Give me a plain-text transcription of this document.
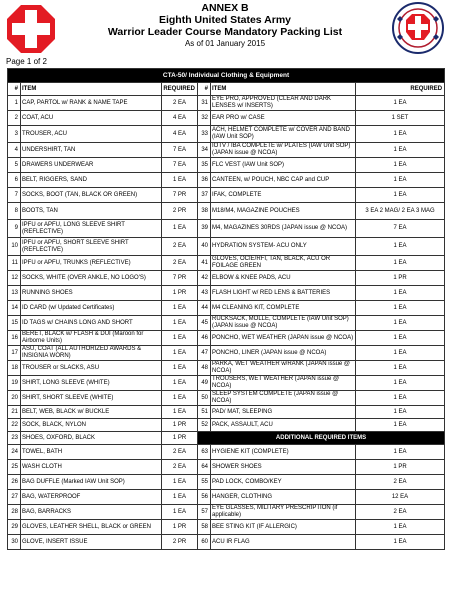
ANNEX B
Eighth United States Army
Warrior Leader Course Mandatory Packing List
As of 01 January 2015
Page 1 of 2
CTA-50/ Individual Clothing & Equipment					
#	ITEM	REQUIRED	#	ITEM	REQUIRED
1	CAP, PARTOL w/ RANK & NAME TAPE	2 EA	31	EYE PRO, APPROVED (CLEAR AND DARK LENSES w/ INSERTS)	1 EA
2	COAT, ACU	4 EA	32	EAR PRO w/ CASE	1 SET
3	TROUSER, ACU	4 EA	33	ACH, HELMET COMPLETE w/ COVER AND BAND (IAW Unit SOP)	1 EA
4	UNDERSHIRT, TAN	7 EA	34	IOTV / IBA COMPLETE w/ PLATES (IAW Unit SOP) (JAPAN issue @ NCOA)	1 EA
5	DRAWERS UNDERWEAR	7 EA	35	FLC VEST (IAW Unit SOP)	1 EA
6	BELT, RIGGERS, SAND	1 EA	36	CANTEEN, w/ POUCH, NBC CAP and CUP	1 EA
7	SOCKS, BOOT (TAN, BLACK OR GREEN)	7 PR	37	IFAK, COMPLETE	1 EA
8	BOOTS, TAN	2 PR	38	M18/M4, MAGAZINE POUCHES	3 EA 2 MAG/ 2 EA 3 MAG
9	IPFU or APFU, LONG SLEEVE SHIRT (REFLECTIVE)	1 EA	39	M4, MAGAZINES 30RDS (JAPAN issue @ NCOA)	7 EA
10	IPFU or APFU, SHORT SLEEVE SHIRT (REFLECTIVE)	2 EA	40	HYDRATION SYSTEM- ACU ONLY	1 EA
11	IPFU or APFU, TRUNKS (REFLECTIVE)	2 EA	41	GLOVES, OCIE/RFI, TAN, BLACK, ACU OR FOILAGE GREEN	1 EA
12	SOCKS, WHITE (OVER ANKLE, NO LOGO'S)	7 PR	42	ELBOW & KNEE PADS, ACU	1 PR
13	RUNNING SHOES	1 PR	43	FLASH LIGHT w/ RED LENS & BATTERIES	1 EA
14	ID CARD (w/ Updated Certificates)	1 EA	44	M4 CLEANING KIT, COMPLETE	1 EA
15	ID TAGS w/ CHAINS LONG AND SHORT	1 EA	45	RUCKSACK, MOLLE, COMPLETE (IAW Unit SOP) (JAPAN issue @ NCOA)	1 EA
16	BERET, BLACK w/ FLASH & DUI (Maroon for Airborne Units)	1 EA	46	PONCHO, WET WEATHER (JAPAN issue @ NCOA)	1 EA
17	ASU, COAT (ALL AUTHORIZED AWARDS & INSIGNIA WORN)	1 EA	47	PONCHO, LINER (JAPAN issue @ NCOA)	1 EA
18	TROUSER or SLACKS, ASU	1 EA	48	PARKA, WET WEATHER w/RANK (JAPAN issue @ NCOA)	1 EA
19	SHIRT, LONG SLEEVE (WHITE)	1 EA	49	TROUSERS, WET WEATHER (JAPAN issue @ NCOA)	1 EA
20	SHIRT, SHORT SLEEVE (WHITE)	1 EA	50	SLEEP SYSTEM COMPLETE (JAPAN issue @ NCOA)	1 EA
21	BELT, WEB, BLACK w/ BUCKLE	1 EA	51	PAD/ MAT, SLEEPING	1 EA
22	SOCK, BLACK, NYLON	1 PR	52	PACK, ASSAULT, ACU	1 EA
23	SHOES, OXFORD, BLACK	1 PR	ADDITIONAL REQUIRED ITEMS		
24	TOWEL, BATH	2 EA	63	HYGIENE KIT (COMPLETE)	1 EA
25	WASH CLOTH	2 EA	64	SHOWER SHOES	1 PR
26	BAG DUFFLE (Marked IAW Unit SOP)	1 EA	55	PAD LOCK, COMBO/KEY	2 EA
27	BAG, WATERPROOF	1 EA	56	HANGER, CLOTHING	12 EA
28	BAG, BARRACKS	1 EA	57	EYE GLASSES, MILITARY PRESCRIPTION (if applicable)	2 EA
29	GLOVES, LEATHER SHELL, BLACK or GREEN	1 PR	58	BEE STING KIT (IF ALLERGIC)	1 EA
30	GLOVE, INSERT ISSUE	2 PR	60	ACU IR FLAG	1 EA
